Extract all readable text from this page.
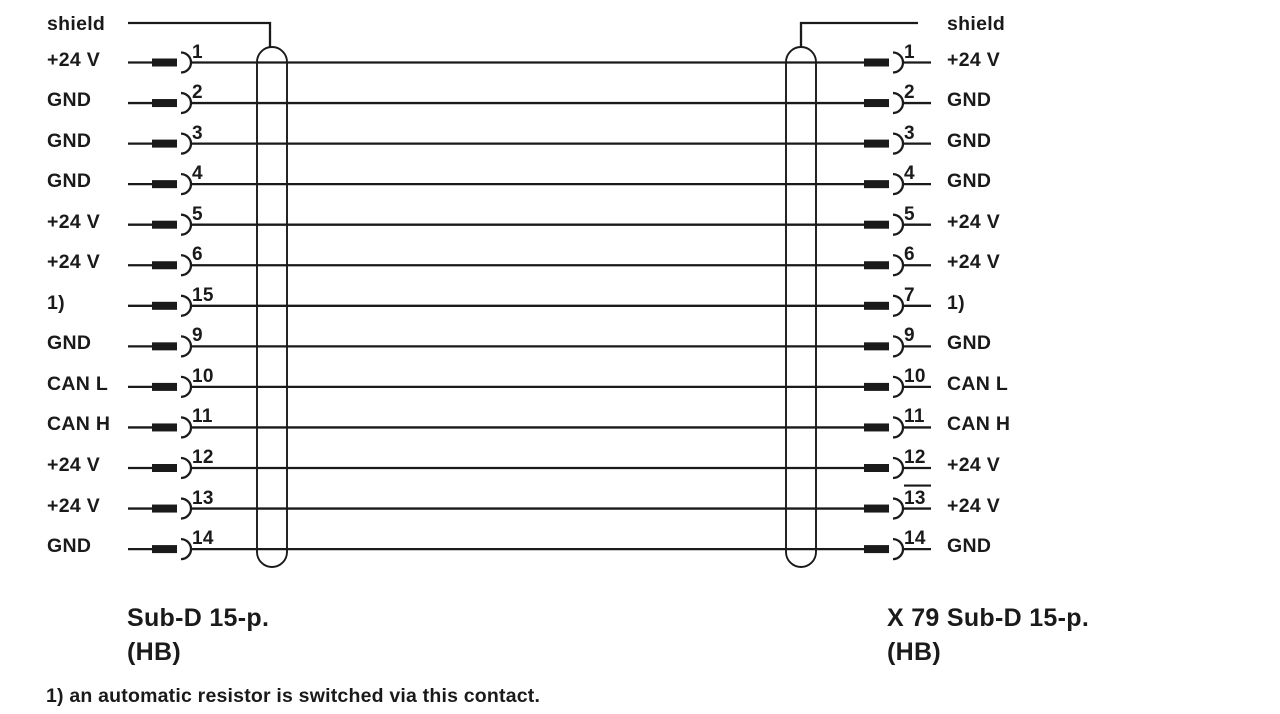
+24 V	1	1 +24 V
GND	2	2 GND
GND	3	3 GND
GND	4	4 GND
+24 V	5	5 +24 V
+24 V	6	6 +24 V
1)	15	7 1)
GND	9	9 GND
CAN L	10	10 CAN L
CAN H	11	11 CAN H
+24 V	12	12 +24 V
+24 V	13	13 +24 V
GND	14	14 GND
shield	shield
Sub-D 15-p.
(HB)
X 79 Sub-D 15-p.
(HB)
1) an automatic resistor is switched via this contact.
